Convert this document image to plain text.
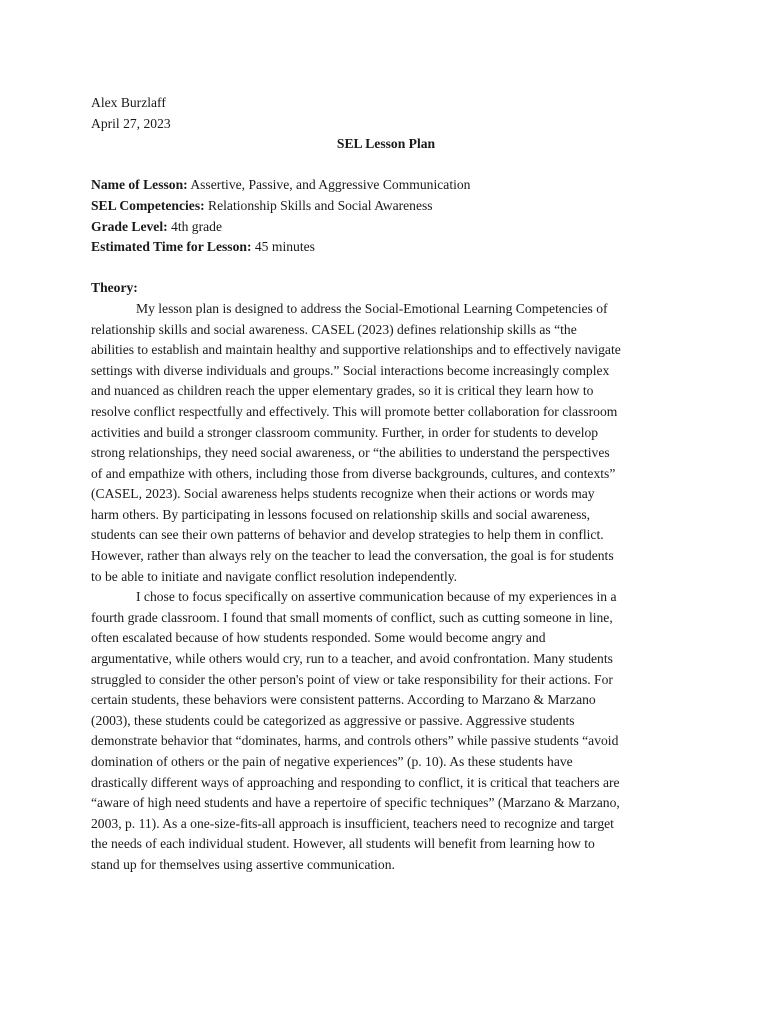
Alex Burzlaff
April 27, 2023
SEL Lesson Plan
Name of Lesson: Assertive, Passive, and Aggressive Communication
SEL Competencies: Relationship Skills and Social Awareness
Grade Level: 4th grade
Estimated Time for Lesson: 45 minutes
Theory:
My lesson plan is designed to address the Social-Emotional Learning Competencies of
relationship skills and social awareness. CASEL (2023) defines relationship skills as “the
abilities to establish and maintain healthy and supportive relationships and to effectively navigate
settings with diverse individuals and groups.” Social interactions become increasingly complex
and nuanced as children reach the upper elementary grades, so it is critical they learn how to
resolve conflict respectfully and effectively. This will promote better collaboration for classroom
activities and build a stronger classroom community. Further, in order for students to develop
strong relationships, they need social awareness, or “the abilities to understand the perspectives
of and empathize with others, including those from diverse backgrounds, cultures, and contexts”
(CASEL, 2023). Social awareness helps students recognize when their actions or words may
harm others. By participating in lessons focused on relationship skills and social awareness,
students can see their own patterns of behavior and develop strategies to help them in conflict.
However, rather than always rely on the teacher to lead the conversation, the goal is for students
to be able to initiate and navigate conflict resolution independently.
I chose to focus specifically on assertive communication because of my experiences in a
fourth grade classroom. I found that small moments of conflict, such as cutting someone in line,
often escalated because of how students responded. Some would become angry and
argumentative, while others would cry, run to a teacher, and avoid confrontation. Many students
struggled to consider the other person's point of view or take responsibility for their actions. For
certain students, these behaviors were consistent patterns. According to Marzano & Marzano
(2003), these students could be categorized as aggressive or passive. Aggressive students
demonstrate behavior that “dominates, harms, and controls others” while passive students “avoid
domination of others or the pain of negative experiences” (p. 10). As these students have
drastically different ways of approaching and responding to conflict, it is critical that teachers are
“aware of high need students and have a repertoire of specific techniques” (Marzano & Marzano,
2003, p. 11). As a one-size-fits-all approach is insufficient, teachers need to recognize and target
the needs of each individual student. However, all students will benefit from learning how to
stand up for themselves using assertive communication.
